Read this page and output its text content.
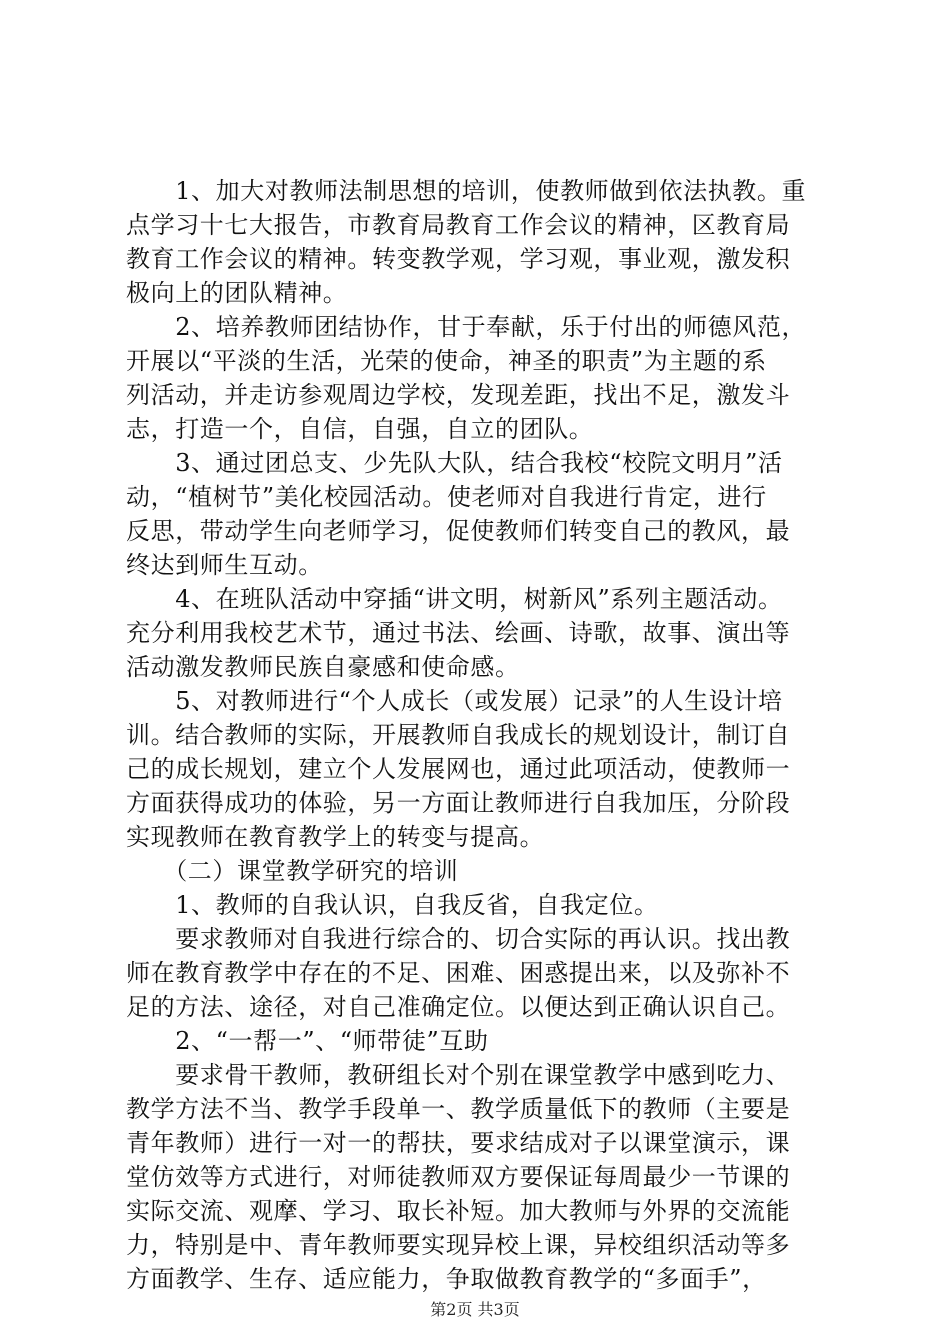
　　1、加大对教师法制思想的培训，使教师做到依法执教。重
点学习十七大报告，市教育局教育工作会议的精神，区教育局
教育工作会议的精神。转变教学观，学习观，事业观，激发积
极向上的团队精神。
　　2、培养教师团结协作，甘于奉献，乐于付出的师德风范，
开展以“平淡的生活，光荣的使命，神圣的职责”为主题的系
列活动，并走访参观周边学校，发现差距，找出不足，激发斗
志，打造一个，自信，自强，自立的团队。
　　3、通过团总支、少先队大队，结合我校“校院文明月”活
动，“植树节”美化校园活动。使老师对自我进行肯定，进行
反思，带动学生向老师学习，促使教师们转变自己的教风，最
终达到师生互动。
　　4、在班队活动中穿插“讲文明，树新风”系列主题活动。
充分利用我校艺术节，通过书法、绘画、诗歌，故事、演出等
活动激发教师民族自豪感和使命感。
　　5、对教师进行“个人成长（或发展）记录”的人生设计培
训。结合教师的实际，开展教师自我成长的规划设计，制订自
己的成长规划，建立个人发展网也，通过此项活动，使教师一
方面获得成功的体验，另一方面让教师进行自我加压，分阶段
实现教师在教育教学上的转变与提高。
　　（二）课堂教学研究的培训
　　1、教师的自我认识，自我反省，自我定位。
　　要求教师对自我进行综合的、切合实际的再认识。找出教
师在教育教学中存在的不足、困难、困惑提出来，以及弥补不
足的方法、途径，对自己准确定位。以便达到正确认识自己。
　　2、“一帮一”、“师带徒”互助
　　要求骨干教师，教研组长对个别在课堂教学中感到吃力、
教学方法不当、教学手段单一、教学质量低下的教师（主要是
青年教师）进行一对一的帮扶，要求结成对子以课堂演示，课
堂仿效等方式进行，对师徒教师双方要保证每周最少一节课的
实际交流、观摩、学习、取长补短。加大教师与外界的交流能
力，特别是中、青年教师要实现异校上课，异校组织活动等多
方面教学、生存、适应能力，争取做教育教学的“多面手”，
第2页 共3页
